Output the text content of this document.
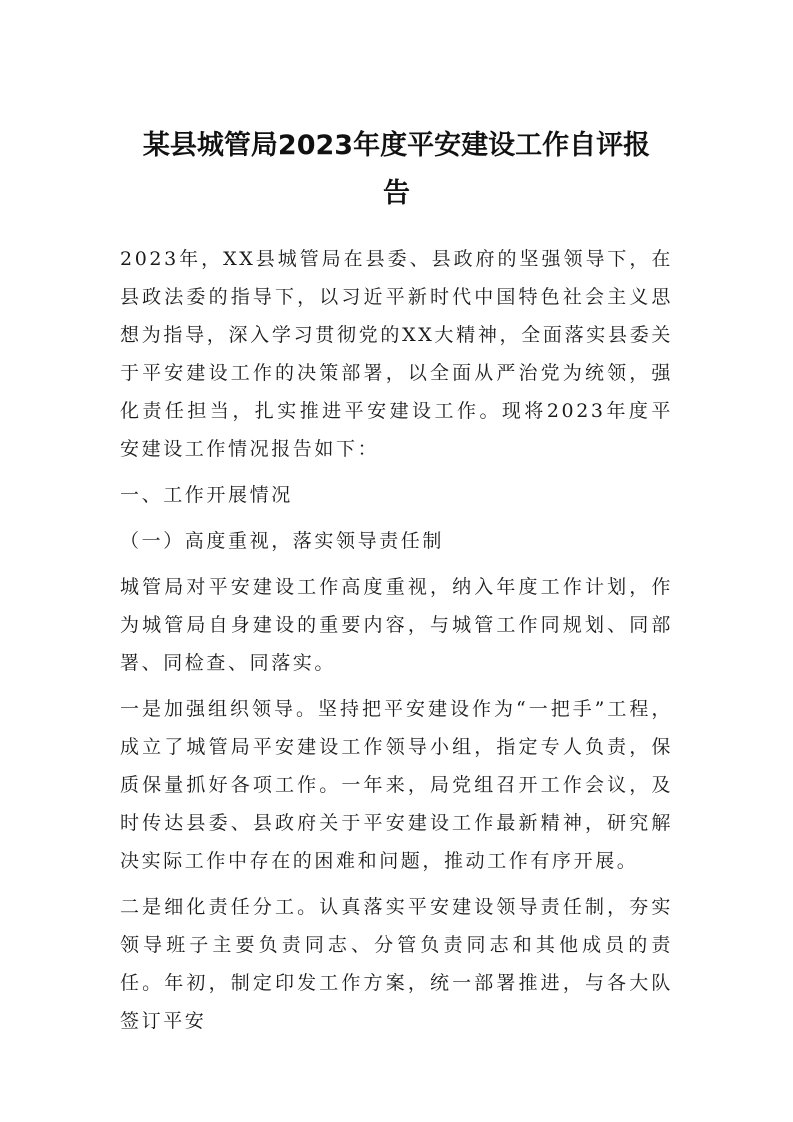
某县城管局2023年度平安建设工作自评报
告

2023年，XX县城管局在县委、县政府的坚强领导下，在县政法委的指导下，以习近平新时代中国特色社会主义思想为指导，深入学习贯彻党的XX大精神，全面落实县委关于平安建设工作的决策部署，以全面从严治党为统领，强化责任担当，扎实推进平安建设工作。现将2023年度平安建设工作情况报告如下：

一、工作开展情况

（一）高度重视，落实领导责任制

城管局对平安建设工作高度重视，纳入年度工作计划，作为城管局自身建设的重要内容，与城管工作同规划、同部署、同检查、同落实。

一是加强组织领导。坚持把平安建设作为“一把手”工程，成立了城管局平安建设工作领导小组，指定专人负责，保质保量抓好各项工作。一年来，局党组召开工作会议，及时传达县委、县政府关于平安建设工作最新精神，研究解决实际工作中存在的困难和问题，推动工作有序开展。

二是细化责任分工。认真落实平安建设领导责任制，夯实领导班子主要负责同志、分管负责同志和其他成员的责任。年初，制定印发工作方案，统一部署推进，与各大队签订平安
